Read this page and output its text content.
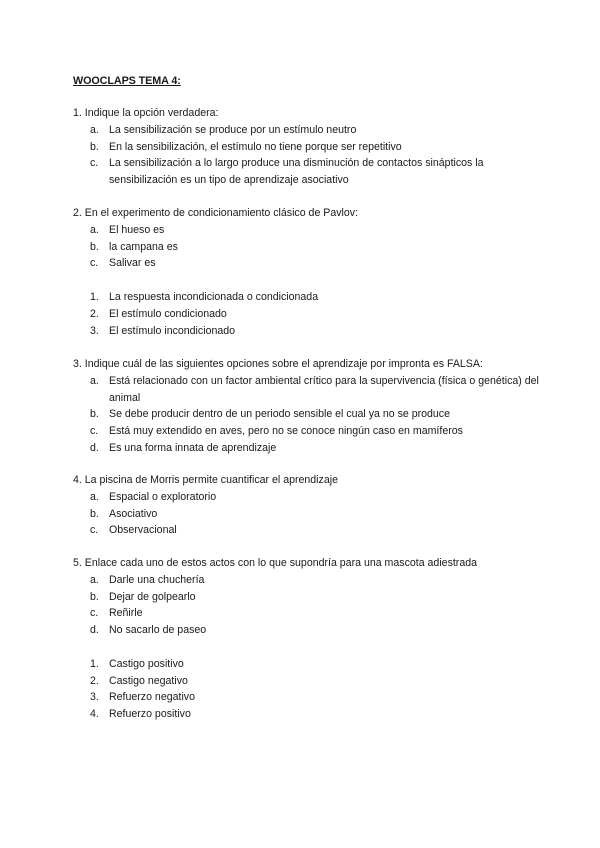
WOOCLAPS TEMA 4:
1. Indique la opción verdadera:
a. La sensibilización se produce por un estímulo neutro
b. En la sensibilización, el estímulo no tiene porque ser repetitivo
c. La sensibilización a lo largo produce una disminución de contactos sinápticos la sensibilización es un tipo de aprendizaje asociativo
2. En el experimento de condicionamiento clásico de Pavlov:
a. El hueso es
b. la campana es
c. Salivar es
1. La respuesta incondicionada o condicionada
2. El estímulo condicionado
3. El estímulo incondicionado
3. Indique cuál de las siguientes opciones sobre el aprendizaje por impronta es FALSA:
a. Está relacionado con un factor ambiental crítico para la supervivencia (física o genética) del animal
b. Se debe producir dentro de un periodo sensible el cual ya no se produce
c. Está muy extendido en aves, pero no se conoce ningún caso en mamíferos
d. Es una forma innata de aprendizaje
4. La piscina de Morris permite cuantificar el aprendizaje
a. Espacial o exploratorio
b. Asociativo
c. Observacional
5. Enlace cada uno de estos actos con lo que supondría para una mascota adiestrada
a. Darle una chuchería
b. Dejar de golpearlo
c. Reñirle
d. No sacarlo de paseo
1. Castigo positivo
2. Castigo negativo
3. Refuerzo negativo
4. Refuerzo positivo
